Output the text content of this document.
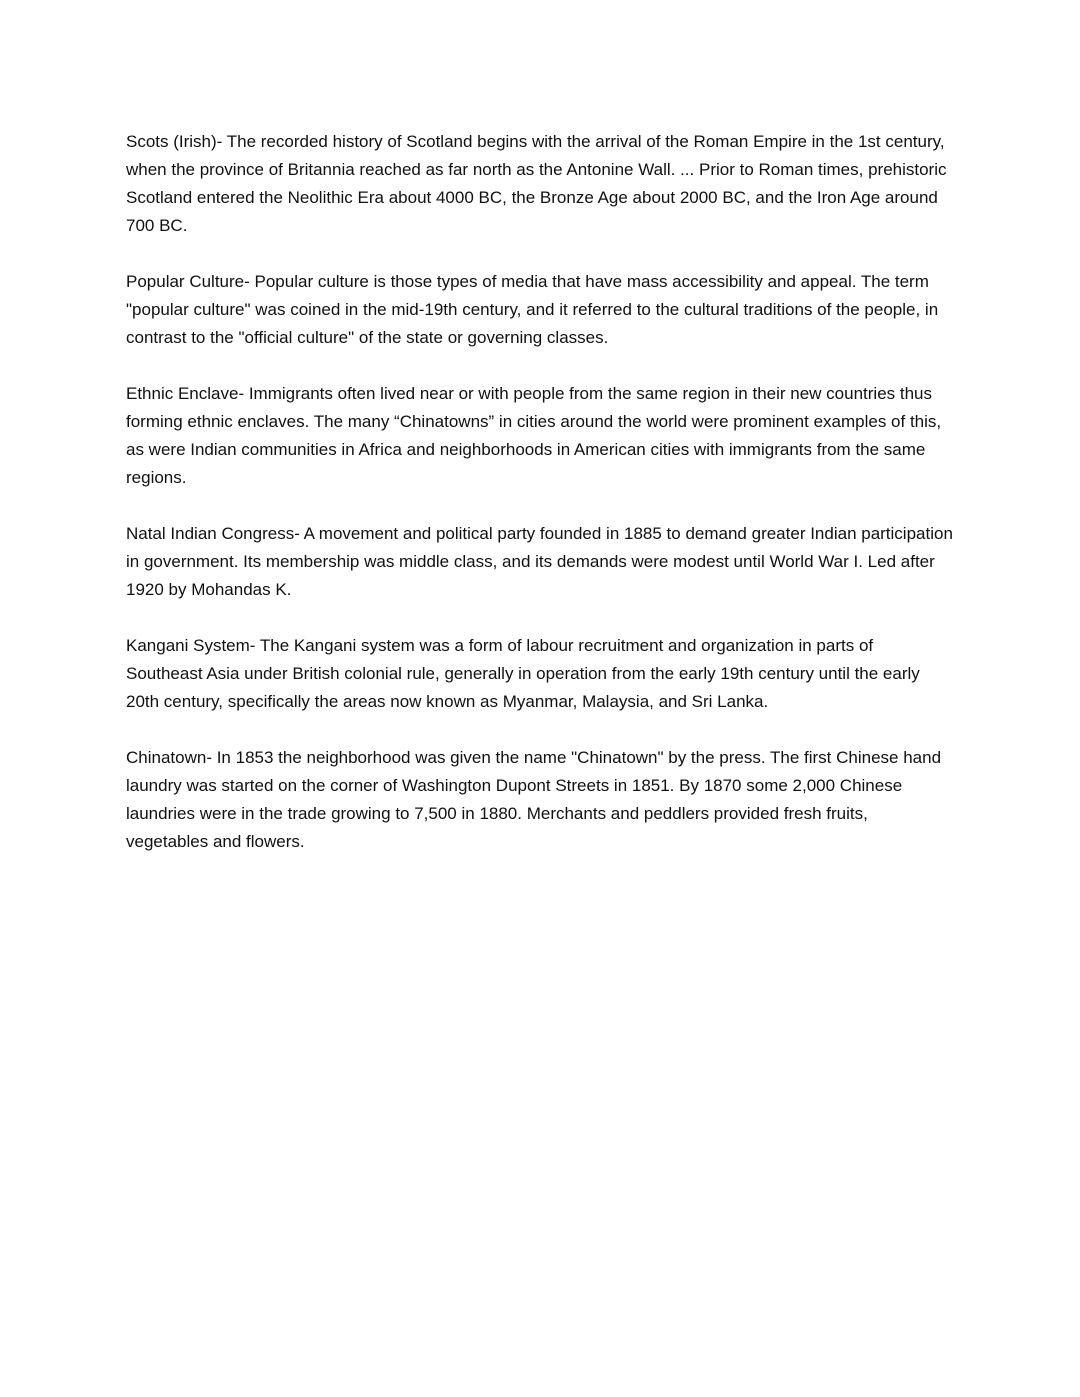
Scots (Irish)- The recorded history of Scotland begins with the arrival of the Roman Empire in the 1st century, when the province of Britannia reached as far north as the Antonine Wall. ... Prior to Roman times, prehistoric Scotland entered the Neolithic Era about 4000 BC, the Bronze Age about 2000 BC, and the Iron Age around 700 BC.

Popular Culture- Popular culture is those types of media that have mass accessibility and appeal. The term "popular culture" was coined in the mid-19th century, and it referred to the cultural traditions of the people, in contrast to the "official culture" of the state or governing classes.

Ethnic Enclave- Immigrants often lived near or with people from the same region in their new countries thus forming ethnic enclaves. The many “Chinatowns” in cities around the world were prominent examples of this, as were Indian communities in Africa and neighborhoods in American cities with immigrants from the same regions.

Natal Indian Congress- A movement and political party founded in 1885 to demand greater Indian participation in government. Its membership was middle class, and its demands were modest until World War I. Led after 1920 by Mohandas K.

Kangani System- The Kangani system was a form of labour recruitment and organization in parts of Southeast Asia under British colonial rule, generally in operation from the early 19th century until the early 20th century, specifically the areas now known as Myanmar, Malaysia, and Sri Lanka.

Chinatown- In 1853 the neighborhood was given the name "Chinatown" by the press. The first Chinese hand laundry was started on the corner of Washington Dupont Streets in 1851. By 1870 some 2,000 Chinese laundries were in the trade growing to 7,500 in 1880. Merchants and peddlers provided fresh fruits, vegetables and flowers.
